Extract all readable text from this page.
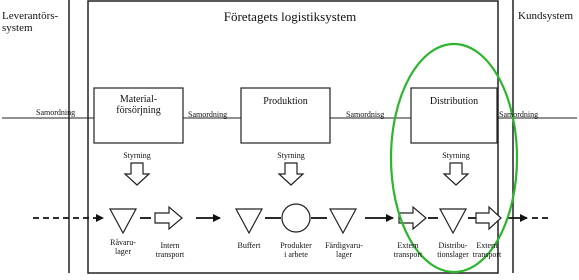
Leverantörs-
system
Företagets logistiksystem	Kundsystem
Material-
försörjning
Produktion	Distribution
Samordning	Samordning	Samordnisg	Samordning
Styrning	Styrning	Styrning
Råvaru-
lager
Intern
transport
Buffert	Produkter
i arbete
Färdigvaru-
lager
Extern
transport
Distribu-
tionslager
Extern
transport
